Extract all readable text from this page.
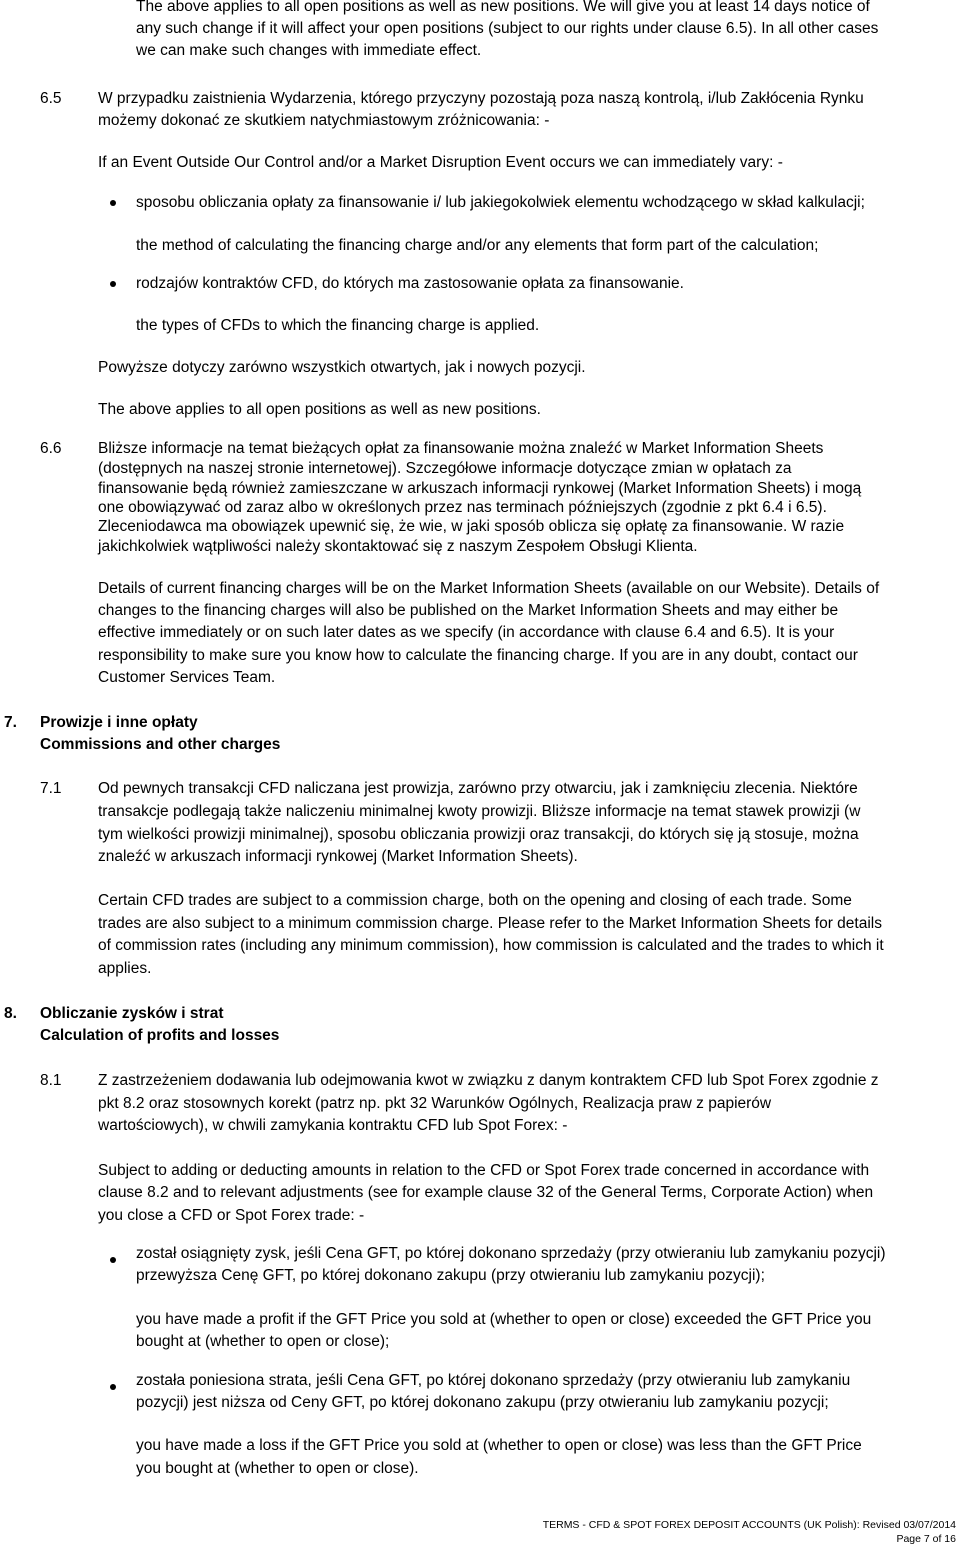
The above applies to all open positions as well as new positions. We will give you at least 14 days notice of
any such change if it will affect your open positions (subject to our rights under clause 6.5). In all other cases
we can make such changes with immediate effect.
6.5 W przypadku zaistnienia Wydarzenia, którego przyczyny pozostają poza naszą kontrolą, i/lub Zakłócenia Rynku
możemy dokonać ze skutkiem natychmiastowym zróżnicowania: -
If an Event Outside Our Control and/or a Market Disruption Event occurs we can immediately vary: -
sposobu obliczania opłaty za finansowanie i/ lub jakiegokolwiek elementu wchodzącego w skład kalkulacji;
the method of calculating the financing charge and/or any elements that form part of the calculation;
rodzajów kontraktów CFD, do których ma zastosowanie opłata za finansowanie.
the types of CFDs to which the financing charge is applied.
Powyższe dotyczy zarówno wszystkich otwartych, jak i nowych pozycji.
The above applies to all open positions as well as new positions.
6.6 Bliższe informacje na temat bieżących opłat za finansowanie można znaleźć w Market Information Sheets
(dostępnych na naszej stronie internetowej). Szczegółowe informacje dotyczące zmian w opłatach za
finansowanie będą również zamieszczane w arkuszach informacji rynkowej (Market Information Sheets) i mogą
one obowiązywać od zaraz albo w określonych przez nas terminach późniejszych (zgodnie z pkt 6.4 i 6.5).
Zleceniodawca ma obowiązek upewnić się, że wie, w jaki sposób oblicza się opłatę za finansowanie. W razie
jakichkolwiek wątpliwości należy skontaktować się z naszym Zespołem Obsługi Klienta.
Details of current financing charges will be on the Market Information Sheets (available on our Website). Details of
changes to the financing charges will also be published on the Market Information Sheets and may either be
effective immediately or on such later dates as we specify (in accordance with clause 6.4 and 6.5). It is your
responsibility to make sure you know how to calculate the financing charge. If you are in any doubt, contact our
Customer Services Team.
7. Prowizje i inne opłaty
Commissions and other charges
7.1 Od pewnych transakcji CFD naliczana jest prowizja, zarówno przy otwarciu, jak i zamknięciu zlecenia. Niektóre
transakcje podlegają także naliczeniu minimalnej kwoty prowizji. Bliższe informacje na temat stawek prowizji (w
tym wielkości prowizji minimalnej), sposobu obliczania prowizji oraz transakcji, do których się ją stosuje, można
znaleźć w arkuszach informacji rynkowej (Market Information Sheets).
Certain CFD trades are subject to a commission charge, both on the opening and closing of each trade. Some
trades are also subject to a minimum commission charge. Please refer to the Market Information Sheets for details
of commission rates (including any minimum commission), how commission is calculated and the trades to which it
applies.
8. Obliczanie zysków i strat
Calculation of profits and losses
8.1 Z zastrzeżeniem dodawania lub odejmowania kwot w związku z danym kontraktem CFD lub Spot Forex zgodnie z
pkt 8.2 oraz stosownych korekt (patrz np. pkt 32 Warunków Ogólnych, Realizacja praw z papierów
wartościowych), w chwili zamykania kontraktu CFD lub Spot Forex: -
Subject to adding or deducting amounts in relation to the CFD or Spot Forex trade concerned in accordance with
clause 8.2 and to relevant adjustments (see for example clause 32 of the General Terms, Corporate Action) when
you close a CFD or Spot Forex trade: -
został osiągnięty zysk, jeśli Cena GFT, po której dokonano sprzedaży (przy otwieraniu lub zamykaniu pozycji)
przewyższa Cenę GFT, po której dokonano zakupu (przy otwieraniu lub zamykaniu pozycji);
you have made a profit if the GFT Price you sold at (whether to open or close) exceeded the GFT Price you
bought at (whether to open or close);
została poniesiona strata, jeśli Cena GFT, po której dokonano sprzedaży (przy otwieraniu lub zamykaniu
pozycji) jest niższa od Ceny GFT, po której dokonano zakupu (przy otwieraniu lub zamykaniu pozycji;
you have made a loss if the GFT Price you sold at (whether to open or close) was less than the GFT Price
you bought at (whether to open or close).
TERMS - CFD & SPOT FOREX DEPOSIT ACCOUNTS (UK Polish): Revised 03/07/2014
Page 7 of 16
